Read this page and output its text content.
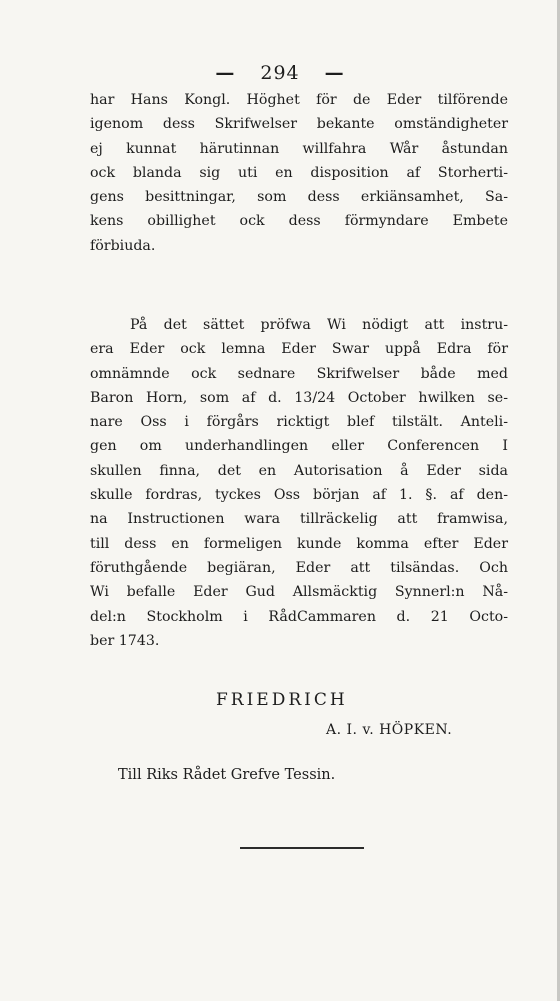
— 294 —
har Hans Kongl. Höghet för de Eder tilförende
igenom dess Skrifwelser bekante omständigheter
ej kunnat härutinnan willfahra Wår åstundan
ock blanda sig uti en disposition af Storherti-
gens besittningar, som dess erkiänsamhet, Sa-
kens obillighet ock dess förmyndare Embete
förbiuda.
På det sättet pröfwa Wi nödigt att instru-
era Eder ock lemna Eder Swar uppå Edra för
omnämnde ock sednare Skrifwelser både med
Baron Horn, som af d. 13/24 October hwilken se-
nare Oss i förgårs ricktigt blef tilstält. Anteli-
gen om underhandlingen eller Conferencen I
skullen finna, det en Autorisation å Eder sida
skulle fordras, tyckes Oss början af 1. §. af den-
na Instructionen wara tillräckelig att framwisa,
till dess en formeligen kunde komma efter Eder
föruthgående begiäran, Eder att tilsändas. Och
Wi befalle Eder Gud Allsmäcktig Synnerl:n Nå-
del:n Stockholm i RådCammaren d. 21 Octo-
ber 1743.
FRIEDRICH
A. I. v. HÖPKEN.
Till Riks Rådet Grefve Tessin.
